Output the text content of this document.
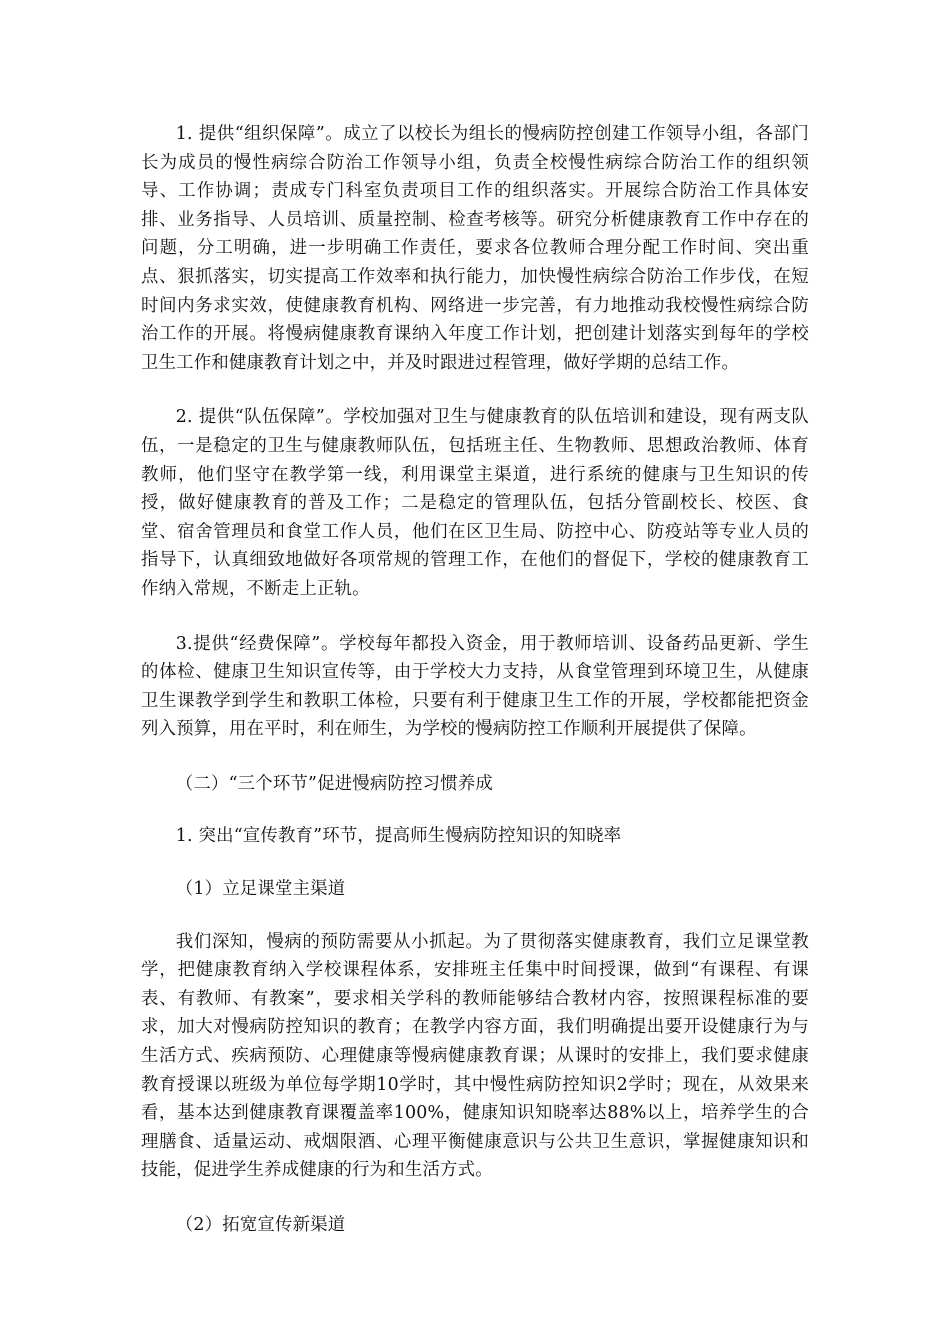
1. 提供“组织保障”。成立了以校长为组长的慢病防控创建工作领导小组，各部门长为成员的慢性病综合防治工作领导小组，负责全校慢性病综合防治工作的组织领导、工作协调；责成专门科室负责项目工作的组织落实。开展综合防治工作具体安排、业务指导、人员培训、质量控制、检查考核等。研究分析健康教育工作中存在的问题，分工明确，进一步明确工作责任，要求各位教师合理分配工作时间、突出重点、狠抓落实，切实提高工作效率和执行能力，加快慢性病综合防治工作步伐，在短时间内务求实效，使健康教育机构、网络进一步完善，有力地推动我校慢性病综合防治工作的开展。将慢病健康教育课纳入年度工作计划，把创建计划落实到每年的学校卫生工作和健康教育计划之中，并及时跟进过程管理，做好学期的总结工作。

2. 提供“队伍保障”。学校加强对卫生与健康教育的队伍培训和建设，现有两支队伍，一是稳定的卫生与健康教师队伍，包括班主任、生物教师、思想政治教师、体育教师，他们坚守在教学第一线，利用课堂主渠道，进行系统的健康与卫生知识的传授，做好健康教育的普及工作；二是稳定的管理队伍，包括分管副校长、校医、食堂、宿舍管理员和食堂工作人员，他们在区卫生局、防控中心、防疫站等专业人员的指导下，认真细致地做好各项常规的管理工作，在他们的督促下，学校的健康教育工作纳入常规，不断走上正轨。

3.提供“经费保障”。学校每年都投入资金，用于教师培训、设备药品更新、学生的体检、健康卫生知识宣传等，由于学校大力支持，从食堂管理到环境卫生，从健康卫生课教学到学生和教职工体检，只要有利于健康卫生工作的开展，学校都能把资金列入预算，用在平时，利在师生，为学校的慢病防控工作顺利开展提供了保障。

（二）“三个环节”促进慢病防控习惯养成

1. 突出“宣传教育”环节，提高师生慢病防控知识的知晓率

（1）立足课堂主渠道

我们深知，慢病的预防需要从小抓起。为了贯彻落实健康教育，我们立足课堂教学，把健康教育纳入学校课程体系，安排班主任集中时间授课，做到“有课程、有课表、有教师、有教案”，要求相关学科的教师能够结合教材内容，按照课程标准的要求，加大对慢病防控知识的教育；在教学内容方面，我们明确提出要开设健康行为与生活方式、疾病预防、心理健康等慢病健康教育课；从课时的安排上，我们要求健康教育授课以班级为单位每学期10学时，其中慢性病防控知识2学时；现在，从效果来看，基本达到健康教育课覆盖率100%，健康知识知晓率达88%以上，培养学生的合理膳食、适量运动、戒烟限酒、心理平衡健康意识与公共卫生意识，掌握健康知识和技能，促进学生养成健康的行为和生活方式。

（2）拓宽宣传新渠道
